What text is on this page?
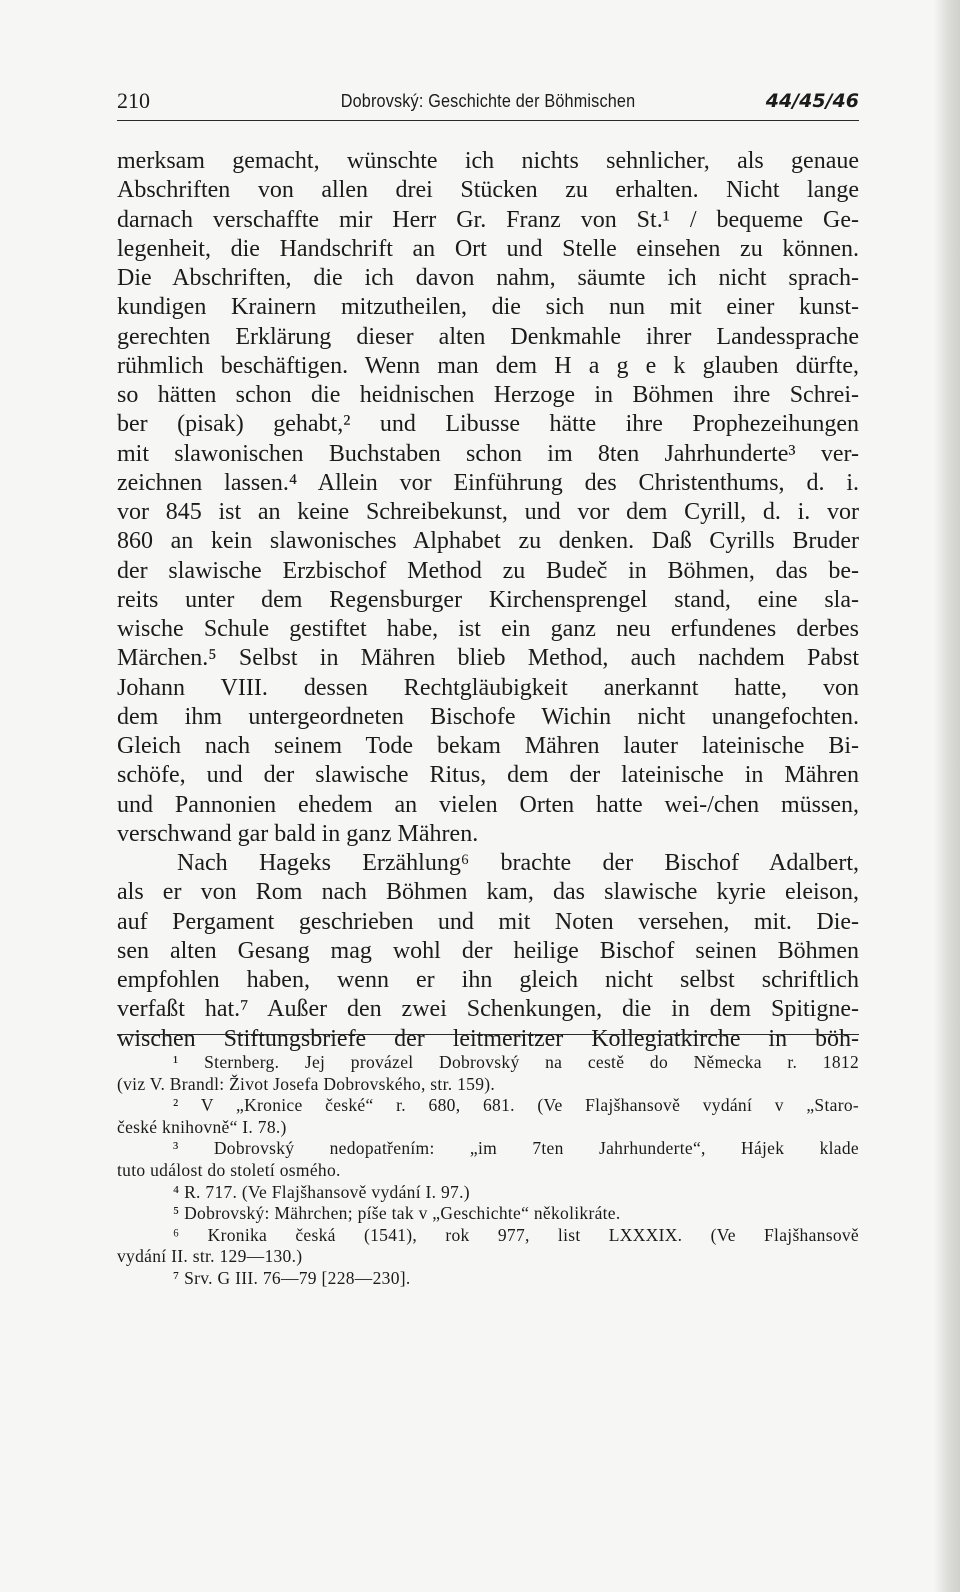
210	Dobrovský: Geschichte der Böhmischen	44/45/46
merksam gemacht, wünschte ich nichts sehnlicher, als genaue
Abschriften von allen drei Stücken zu erhalten. Nicht lange
darnach verschaffte mir Herr Gr. Franz von St.¹ / bequeme Ge-
legenheit, die Handschrift an Ort und Stelle einsehen zu können.
Die Abschriften, die ich davon nahm, säumte ich nicht sprach-
kundigen Krainern mitzutheilen, die sich nun mit einer kunst-
gerechten Erklärung dieser alten Denkmahle ihrer Landessprache
rühmlich beschäftigen. Wenn man dem H a g e k glauben dürfte,
so hätten schon die heidnischen Herzoge in Böhmen ihre Schrei-
ber (pisak) gehabt,² und Libusse hätte ihre Prophezeihungen
mit slawonischen Buchstaben schon im 8ten Jahrhunderte³ ver-
zeichnen lassen.⁴ Allein vor Einführung des Christenthums, d. i.
vor 845 ist an keine Schreibekunst, und vor dem Cyrill, d. i. vor
860 an kein slawonisches Alphabet zu denken. Daß Cyrills Bruder
der slawische Erzbischof Method zu Budeč in Böhmen, das be-
reits unter dem Regensburger Kirchensprengel stand, eine sla-
wische Schule gestiftet habe, ist ein ganz neu erfundenes derbes
Märchen.⁵ Selbst in Mähren blieb Method, auch nachdem Pabst
Johann VIII. dessen Rechtgläubigkeit anerkannt hatte, von
dem ihm untergeordneten Bischofe Wichin nicht unangefochten.
Gleich nach seinem Tode bekam Mähren lauter lateinische Bi-
schöfe, und der slawische Ritus, dem der lateinische in Mähren
und Pannonien ehedem an vielen Orten hatte wei-/chen müssen,
verschwand gar bald in ganz Mähren.
Nach Hageks Erzählung⁶ brachte der Bischof Adalbert,
als er von Rom nach Böhmen kam, das slawische kyrie eleison,
auf Pergament geschrieben und mit Noten versehen, mit. Die-
sen alten Gesang mag wohl der heilige Bischof seinen Böhmen
empfohlen haben, wenn er ihn gleich nicht selbst schriftlich
verfaßt hat.⁷ Außer den zwei Schenkungen, die in dem Spitigne-
wischen Stiftungsbriefe der leitmeritzer Kollegiatkirche in böh-
¹ Sternberg. Jej provázel Dobrovský na cestě do Německa r. 1812
(viz V. Brandl: Život Josefa Dobrovského, str. 159).
² V „Kronice české“ r. 680, 681. (Ve Flajšhansově vydání v „Staro-
české knihovně“ I. 78.)
³ Dobrovský nedopatřením: „im 7ten Jahrhunderte“, Hájek klade
tuto událost do století osmého.
⁴ R. 717. (Ve Flajšhansově vydání I. 97.)
⁵ Dobrovský: Mährchen; píše tak v „Geschichte“ několikráte.
⁶ Kronika česká (1541), rok 977, list LXXXIX. (Ve Flajšhansově
vydání II. str. 129—130.)
⁷ Srv. G III. 76—79 [228—230].
